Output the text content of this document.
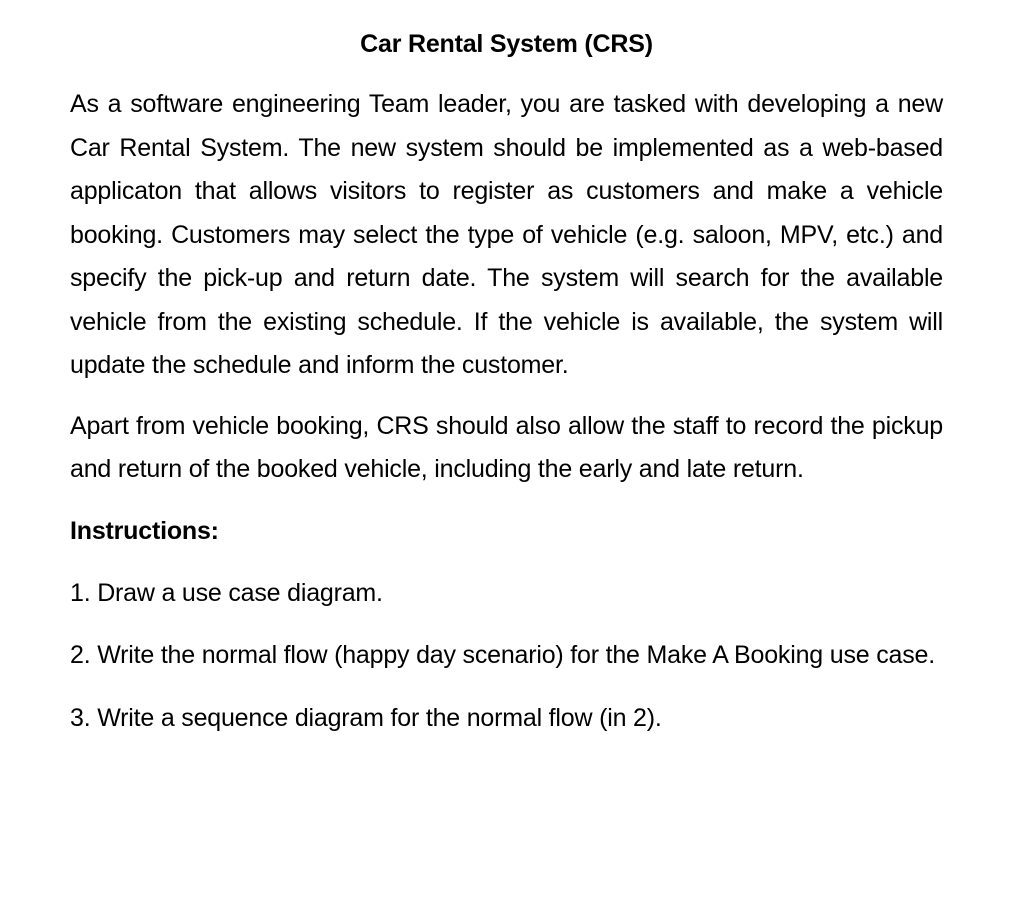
Car Rental System (CRS)

As a software engineering Team leader, you are tasked with developing a new Car Rental System. The new system should be implemented as a web-based applicaton that allows visitors to register as customers and make a vehicle booking. Customers may select the type of vehicle (e.g. saloon, MPV, etc.) and specify the pick-up and return date. The system will search for the available vehicle from the existing schedule. If the vehicle is available, the system will update the schedule and inform the customer.

Apart from vehicle booking, CRS should also allow the staff to record the pickup and return of the booked vehicle, including the early and late return.

Instructions:

1. Draw a use case diagram.

2. Write the normal flow (happy day scenario) for the Make A Booking use case.

3. Write a sequence diagram for the normal flow (in 2).
